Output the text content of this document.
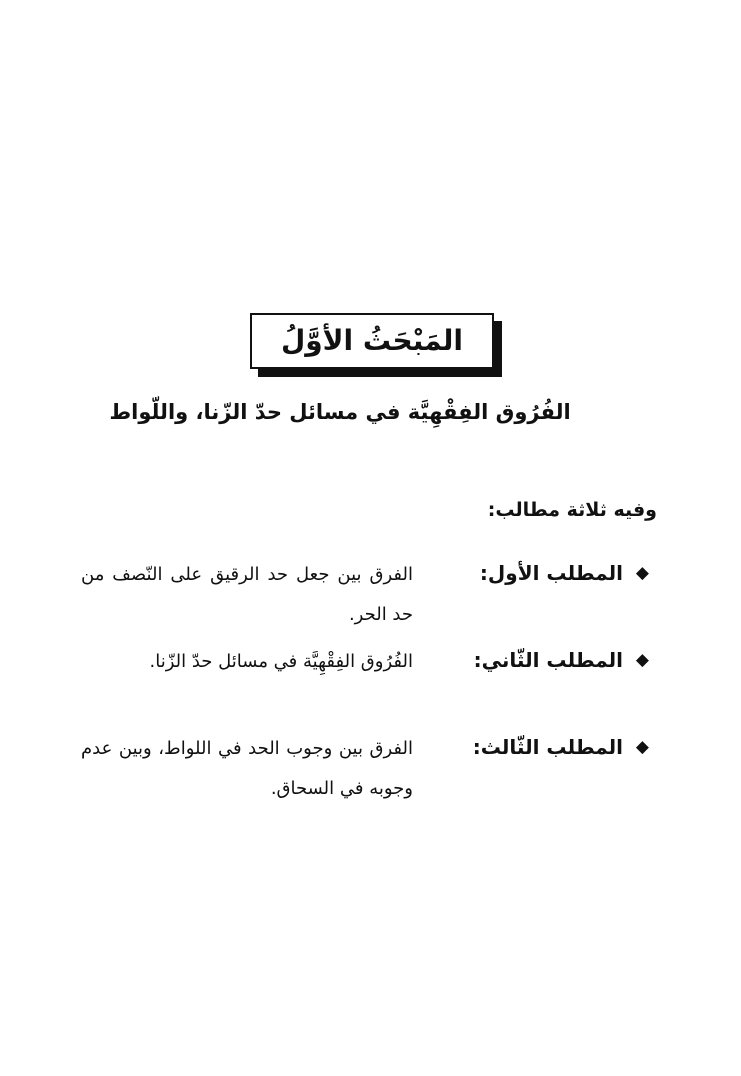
المَبْحَثُ الأوَّلُ
الفُرُوق الفِقْهِيَّة في مسائل حدّ الزّنا، واللّواط
وفيه ثلاثة مطالب:
◆
المطلب الأول:
الفرق بين جعل حد الرقيق على النّصف من حد الحر.
◆
المطلب الثّاني:
الفُرُوق الفِقْهِيَّة في مسائل حدّ الزّنا.
◆
المطلب الثّالث:
الفرق بين وجوب الحد في اللواط، وبين عدم وجوبه في السحاق.
